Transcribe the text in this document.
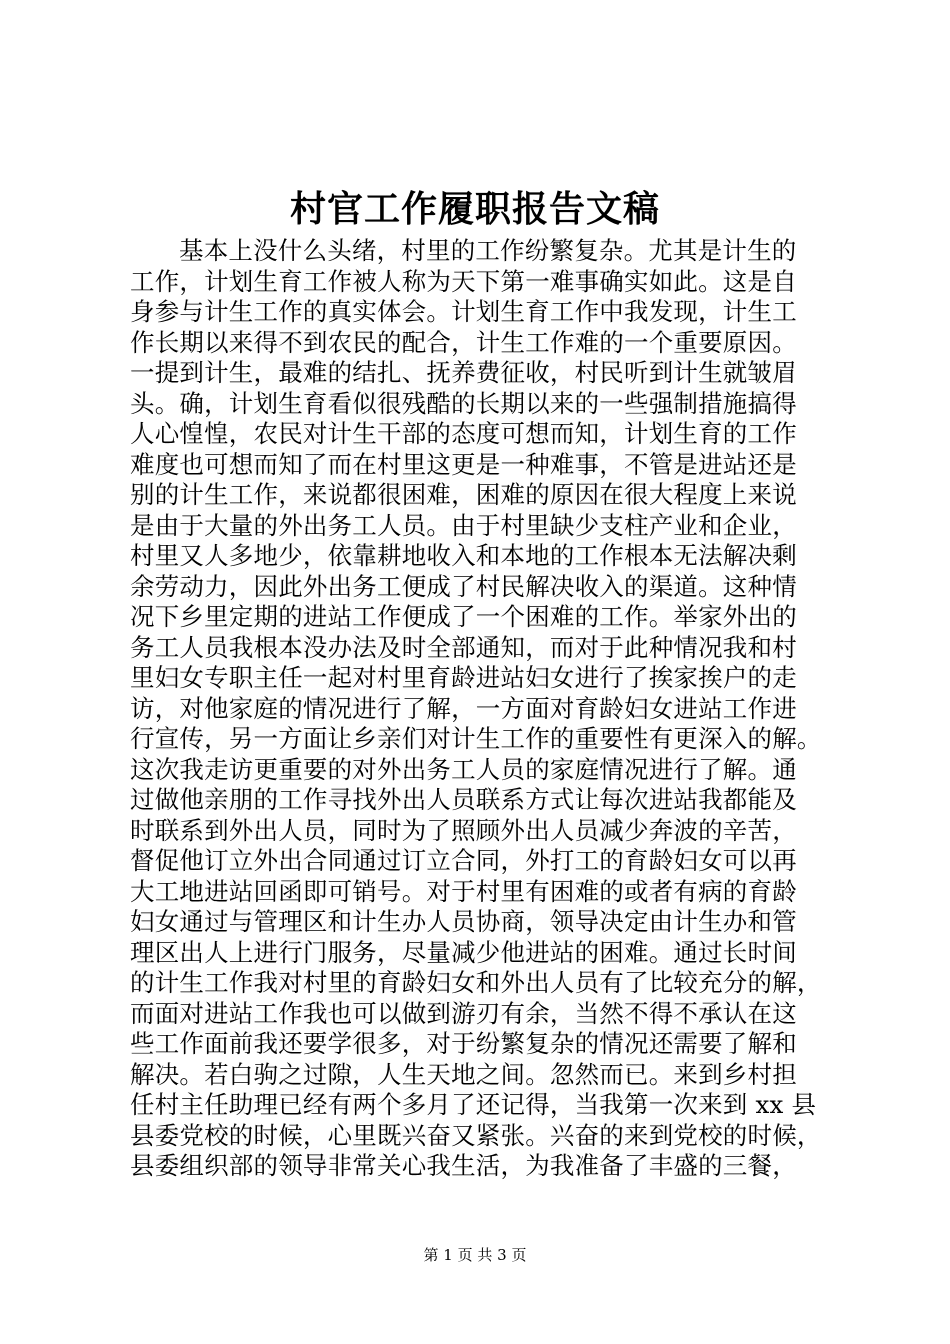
村官工作履职报告文稿
基本上没什么头绪，村里的工作纷繁复杂。尤其是计生的
工作，计划生育工作被人称为天下第一难事确实如此。这是自
身参与计生工作的真实体会。计划生育工作中我发现，计生工
作长期以来得不到农民的配合，计生工作难的一个重要原因。
一提到计生，最难的结扎、抚养费征收，村民听到计生就皱眉
头。确，计划生育看似很残酷的长期以来的一些强制措施搞得
人心惶惶，农民对计生干部的态度可想而知，计划生育的工作
难度也可想而知了而在村里这更是一种难事，不管是进站还是
别的计生工作，来说都很困难，困难的原因在很大程度上来说
是由于大量的外出务工人员。由于村里缺少支柱产业和企业，
村里又人多地少，依靠耕地收入和本地的工作根本无法解决剩
余劳动力，因此外出务工便成了村民解决收入的渠道。这种情
况下乡里定期的进站工作便成了一个困难的工作。举家外出的
务工人员我根本没办法及时全部通知，而对于此种情况我和村
里妇女专职主任一起对村里育龄进站妇女进行了挨家挨户的走
访，对他家庭的情况进行了解，一方面对育龄妇女进站工作进
行宣传，另一方面让乡亲们对计生工作的重要性有更深入的解。
这次我走访更重要的对外出务工人员的家庭情况进行了解。通
过做他亲朋的工作寻找外出人员联系方式让每次进站我都能及
时联系到外出人员，同时为了照顾外出人员减少奔波的辛苦，
督促他订立外出合同通过订立合同，外打工的育龄妇女可以再
大工地进站回函即可销号。对于村里有困难的或者有病的育龄
妇女通过与管理区和计生办人员协商，领导决定由计生办和管
理区出人上进行门服务，尽量减少他进站的困难。通过长时间
的计生工作我对村里的育龄妇女和外出人员有了比较充分的解，
而面对进站工作我也可以做到游刃有余，当然不得不承认在这
些工作面前我还要学很多，对于纷繁复杂的情况还需要了解和
解决。若白驹之过隙，人生天地之间。忽然而已。来到乡村担
任村主任助理已经有两个多月了还记得，当我第一次来到 xx 县
县委党校的时候，心里既兴奋又紧张。兴奋的来到党校的时候，
县委组织部的领导非常关心我生活，为我准备了丰盛的三餐，
第 1 页 共 3 页
